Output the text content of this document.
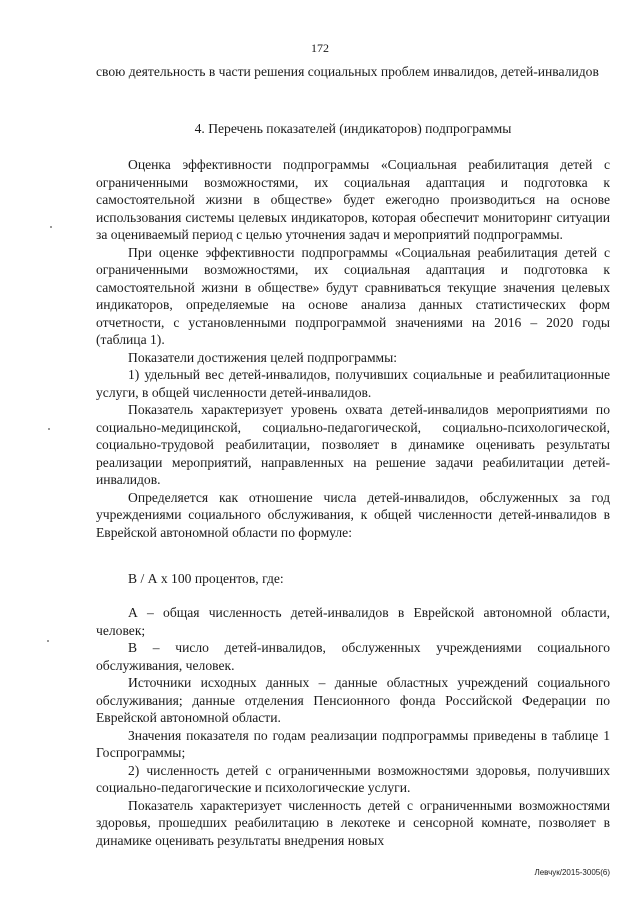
172

свою деятельность в части решения социальных проблем инвалидов, детей-инвалидов

4. Перечень показателей (индикаторов) подпрограммы

Оценка эффективности подпрограммы «Социальная реабилитация детей с ограниченными возможностями, их социальная адаптация и подготовка к самостоятельной жизни в обществе» будет ежегодно производиться на основе использования системы целевых индикаторов, которая обеспечит мониторинг ситуации за оцениваемый период с целью уточнения задач и мероприятий подпрограммы.

При оценке эффективности подпрограммы «Социальная реабилитация детей с ограниченными возможностями, их социальная адаптация и подготовка к самостоятельной жизни в обществе» будут сравниваться текущие значения целевых индикаторов, определяемые на основе анализа данных статистических форм отчетности, с установленными подпрограммой значениями на 2016 – 2020 годы (таблица 1).

Показатели достижения целей подпрограммы:

1) удельный вес детей-инвалидов, получивших социальные и реабилитационные услуги, в общей численности детей-инвалидов.

Показатель характеризует уровень охвата детей-инвалидов мероприятиями по социально-медицинской, социально-педагогической, социально-психологической, социально-трудовой реабилитации, позволяет в динамике оценивать результаты реализации мероприятий, направленных на решение задачи реабилитации детей-инвалидов.

Определяется как отношение числа детей-инвалидов, обслуженных за год учреждениями социального обслуживания, к общей численности детей-инвалидов в Еврейской автономной области по формуле:

В / А х 100 процентов, где:

А – общая численность детей-инвалидов в Еврейской автономной области, человек;

В – число детей-инвалидов, обслуженных учреждениями социального обслуживания, человек.

Источники исходных данных – данные областных учреждений социального обслуживания; данные отделения Пенсионного фонда Российской Федерации по Еврейской автономной области.

Значения показателя по годам реализации подпрограммы приведены в таблице 1 Госпрограммы;

2) численность детей с ограниченными возможностями здоровья, получивших социально-педагогические и психологические услуги.

Показатель характеризует численность детей с ограниченными возможностями здоровья, прошедших реабилитацию в лекотеке и сенсорной комнате, позволяет в динамике оценивать результаты внедрения новых

Левчук/2015-3005(6)
